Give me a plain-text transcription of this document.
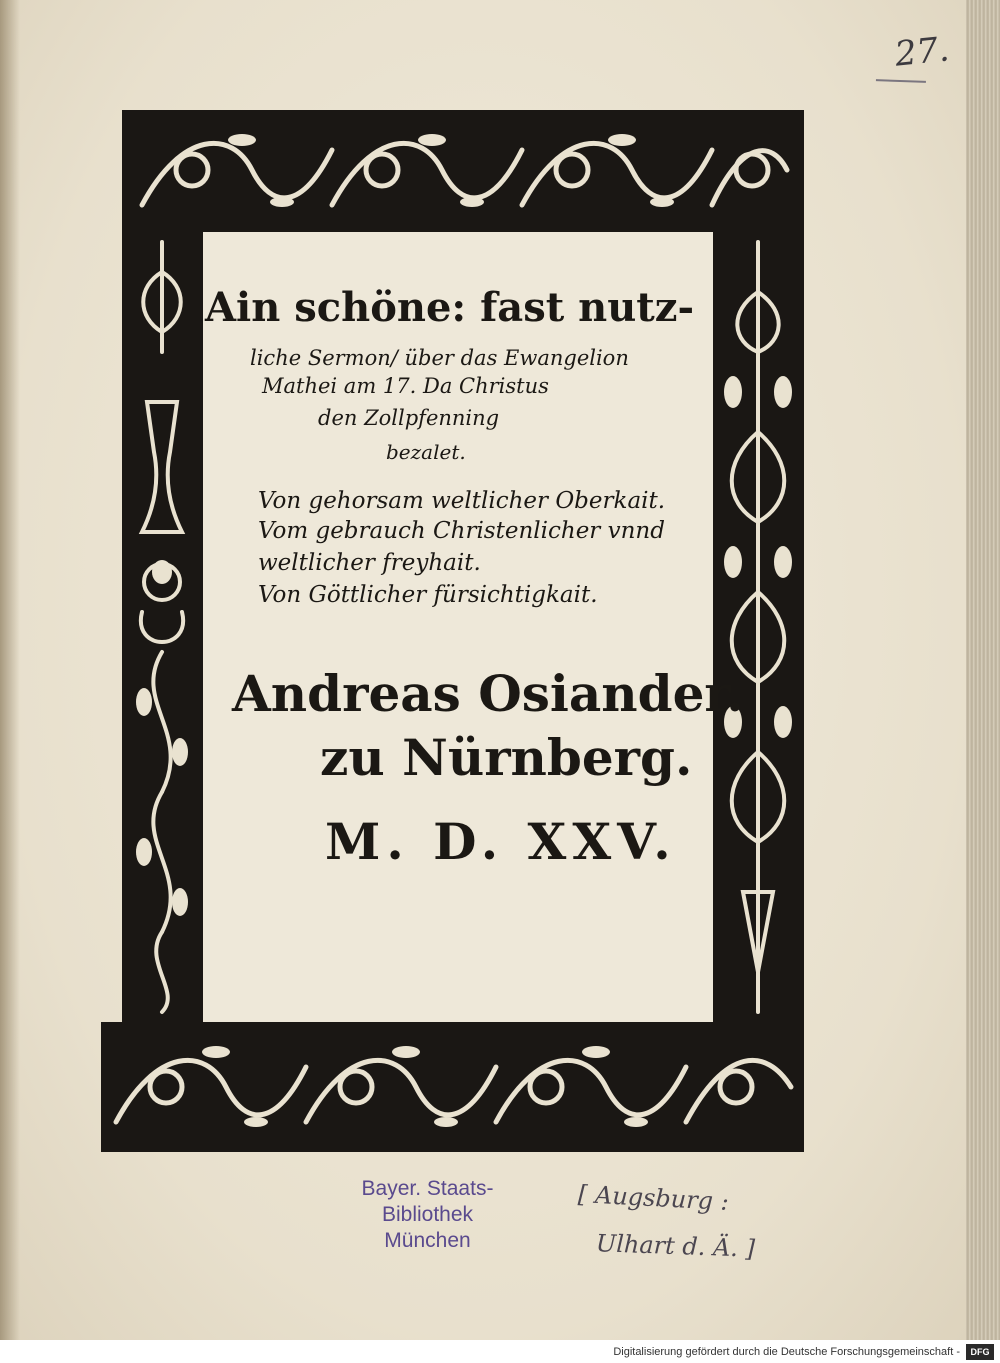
27.
Ain schöne: fast nutz-
liche Sermon/ über das Ewangelion
Mathei am 17. Da Christus
den Zollpfenning
bezalet.
Von gehorsam weltlicher Oberkait.
Vom gebrauch Christenlicher vnnd
weltlicher freyhait.
Von Göttlicher fürsichtigkait.
Andreas Osiander.
zu Nürnberg.
M. D. XXV.
Bayer. Staats-
Bibliothek
München
[ Augsburg :
Ulhart d. Ä. ]
Digitalisierung gefördert durch die Deutsche Forschungsgemeinschaft -	DFG
